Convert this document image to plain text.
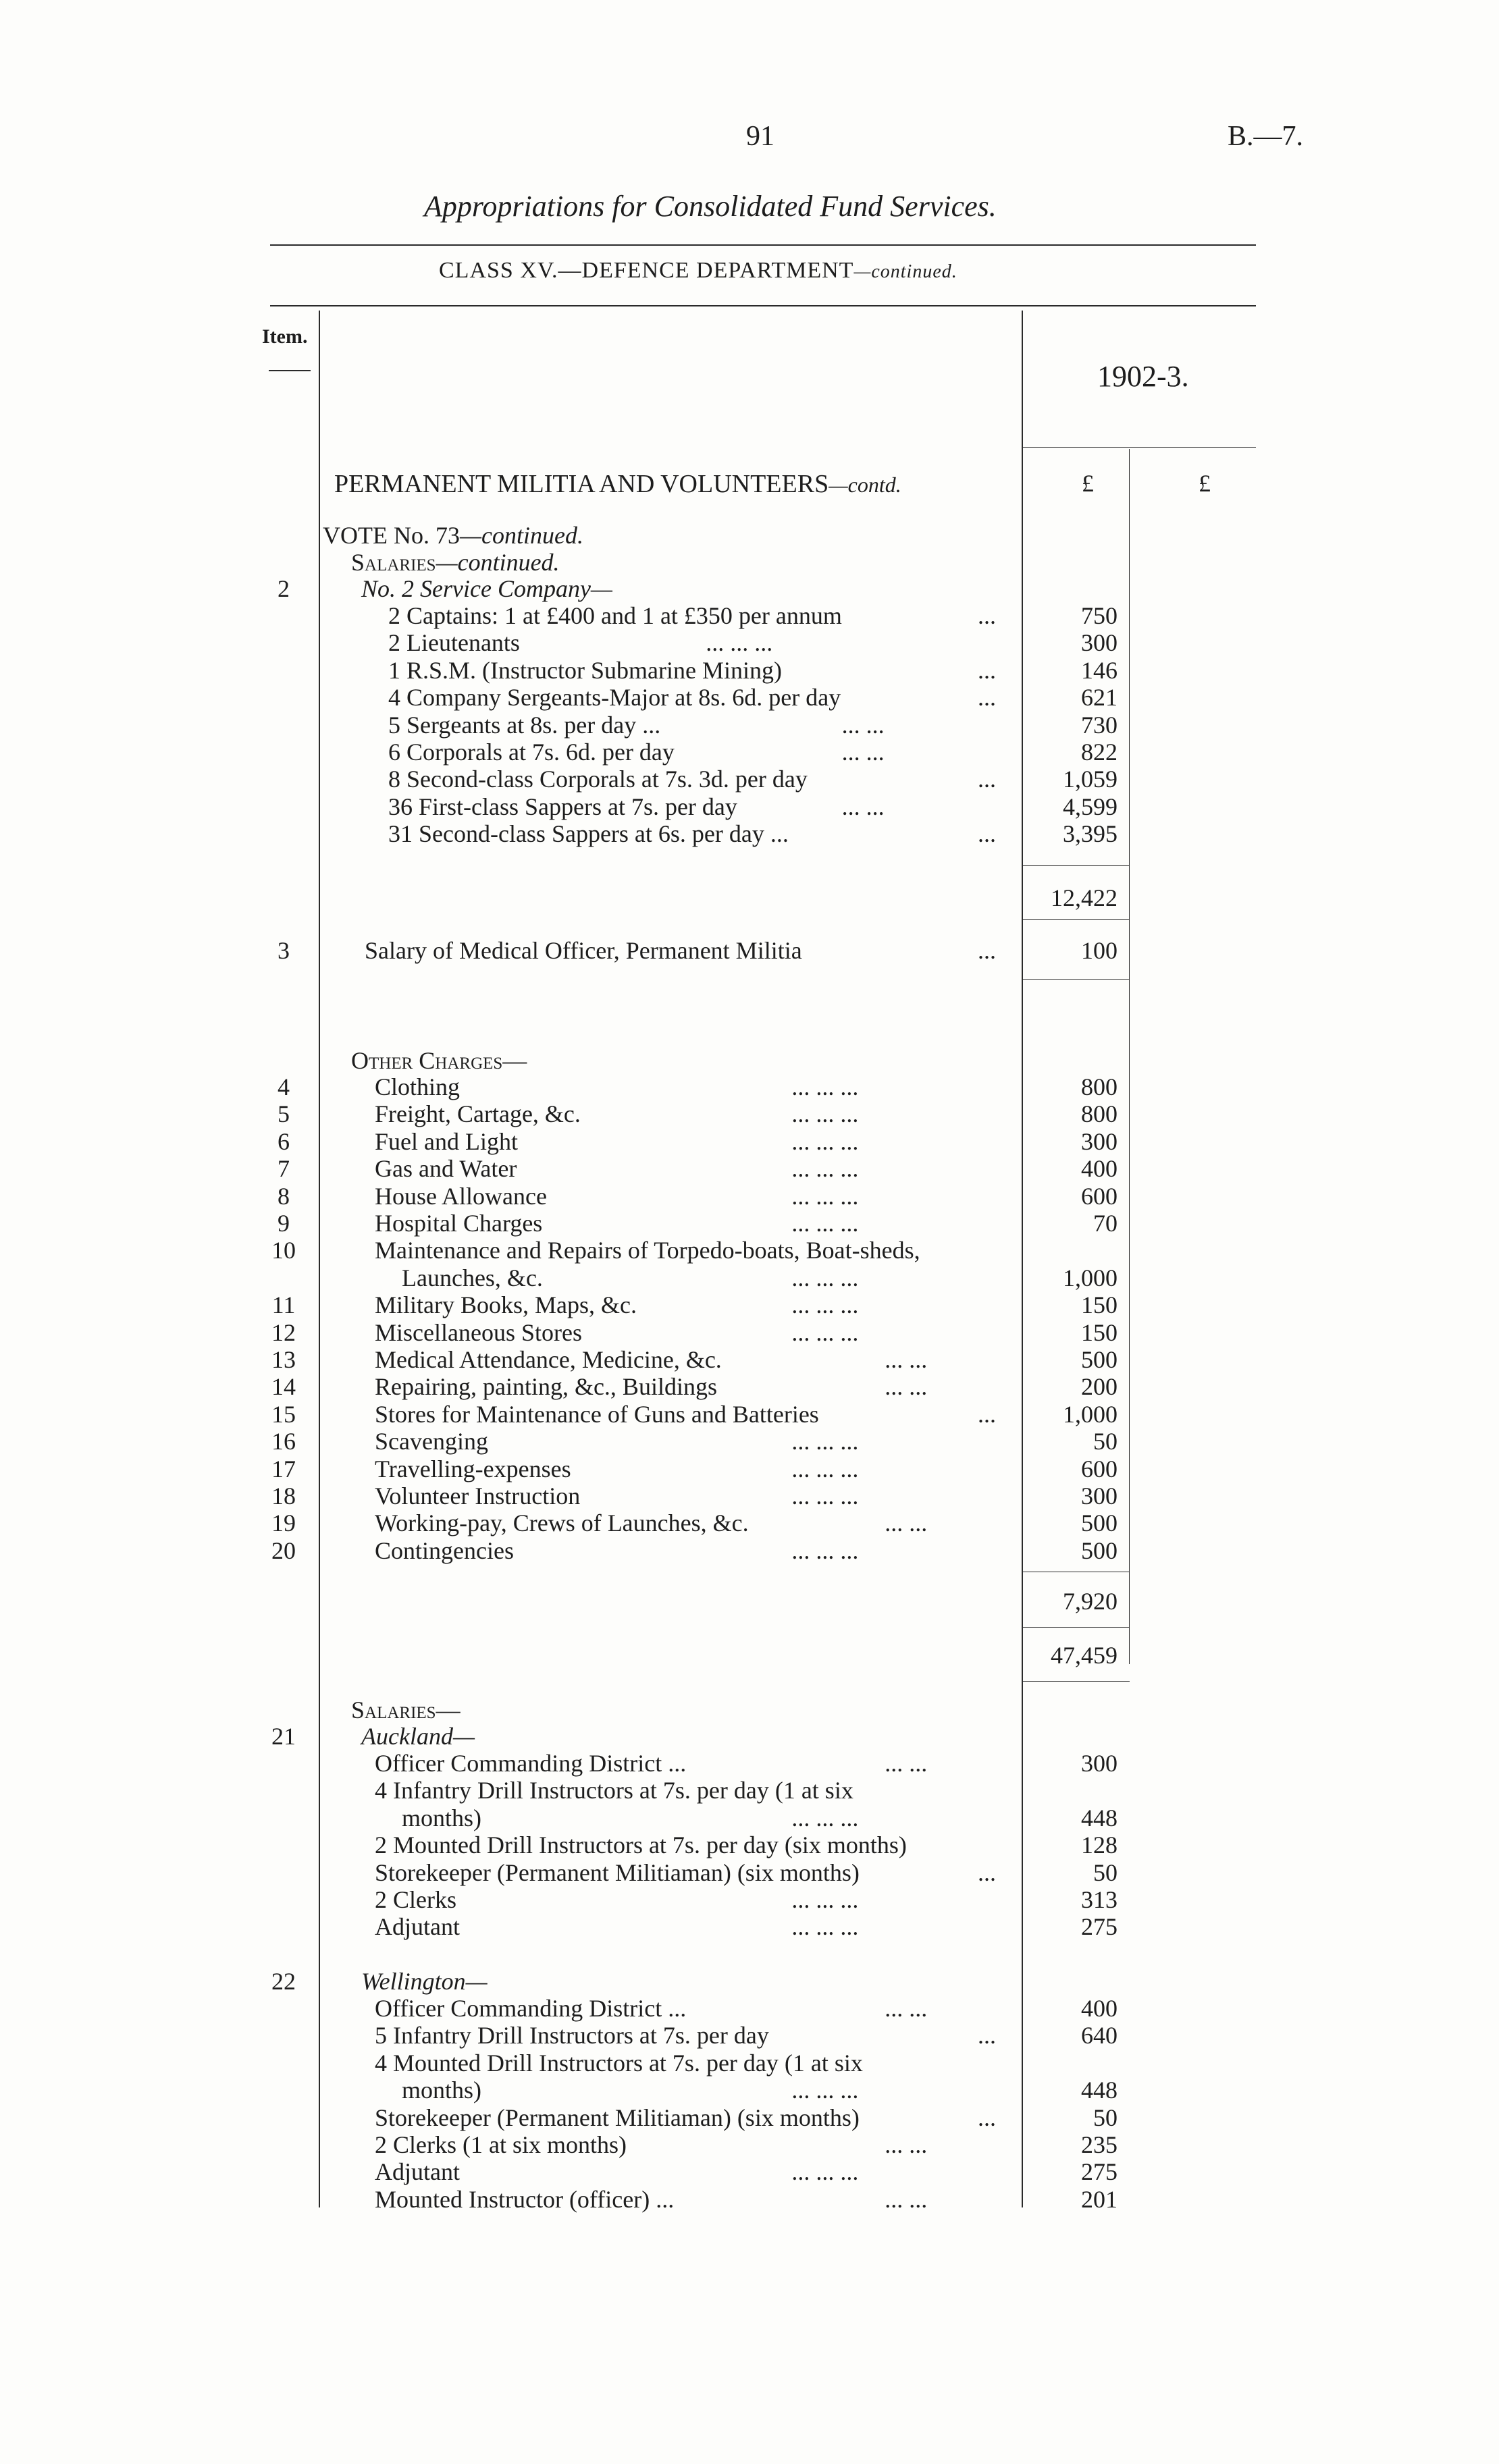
91	B.—7.
Appropriations for Consolidated Fund Services.
CLASS XV.—DEFENCE DEPARTMENT—continued.
Item.
1902-3.
£	£
PERMANENT MILITIA AND VOLUNTEERS—contd.
VOTE No. 73—continued.
Salaries—continued.
2	No. 2 Service Company—
2 Captains: 1 at £400 and 1 at £350 per annum	...	750
2 Lieutenants	... ... ...	300
1 R.S.M. (Instructor Submarine Mining)	...	146
4 Company Sergeants-Major at 8s. 6d. per day	...	621
5 Sergeants at 8s. per day ...	... ...	730
6 Corporals at 7s. 6d. per day	... ...	822
8 Second-class Corporals at 7s. 3d. per day	...	1,059
36 First-class Sappers at 7s. per day	... ...	4,599
31 Second-class Sappers at 6s. per day ...	...	3,395
12,422
3	Salary of Medical Officer, Permanent Militia	...	100
Other Charges—
4	Clothing	... ... ...	800
5	Freight, Cartage, &c.	... ... ...	800
6	Fuel and Light	... ... ...	300
7	Gas and Water	... ... ...	400
8	House Allowance	... ... ...	600
9	Hospital Charges	... ... ...	70
10	Maintenance and Repairs of Torpedo-boats, Boat-sheds,
Launches, &c.	... ... ...	1,000
11	Military Books, Maps, &c.	... ... ...	150
12	Miscellaneous Stores	... ... ...	150
13	Medical Attendance, Medicine, &c.	... ...	500
14	Repairing, painting, &c., Buildings	... ...	200
15	Stores for Maintenance of Guns and Batteries	...	1,000
16	Scavenging	... ... ...	50
17	Travelling-expenses	... ... ...	600
18	Volunteer Instruction	... ... ...	300
19	Working-pay, Crews of Launches, &c.	... ...	500
20	Contingencies	... ... ...	500
7,920
47,459
Salaries—
21	Auckland—
Officer Commanding District ...	... ...	300
4 Infantry Drill Instructors at 7s. per day (1 at six
months)	... ... ...	448
2 Mounted Drill Instructors at 7s. per day (six months)	128
Storekeeper (Permanent Militiaman) (six months)	...	50
2 Clerks	... ... ...	313
Adjutant	... ... ...	275
22	Wellington—
Officer Commanding District ...	... ...	400
5 Infantry Drill Instructors at 7s. per day	...	640
4 Mounted Drill Instructors at 7s. per day (1 at six
months)	... ... ...	448
Storekeeper (Permanent Militiaman) (six months)	...	50
2 Clerks (1 at six months)	... ...	235
Adjutant	... ... ...	275
Mounted Instructor (officer) ...	... ...	201
